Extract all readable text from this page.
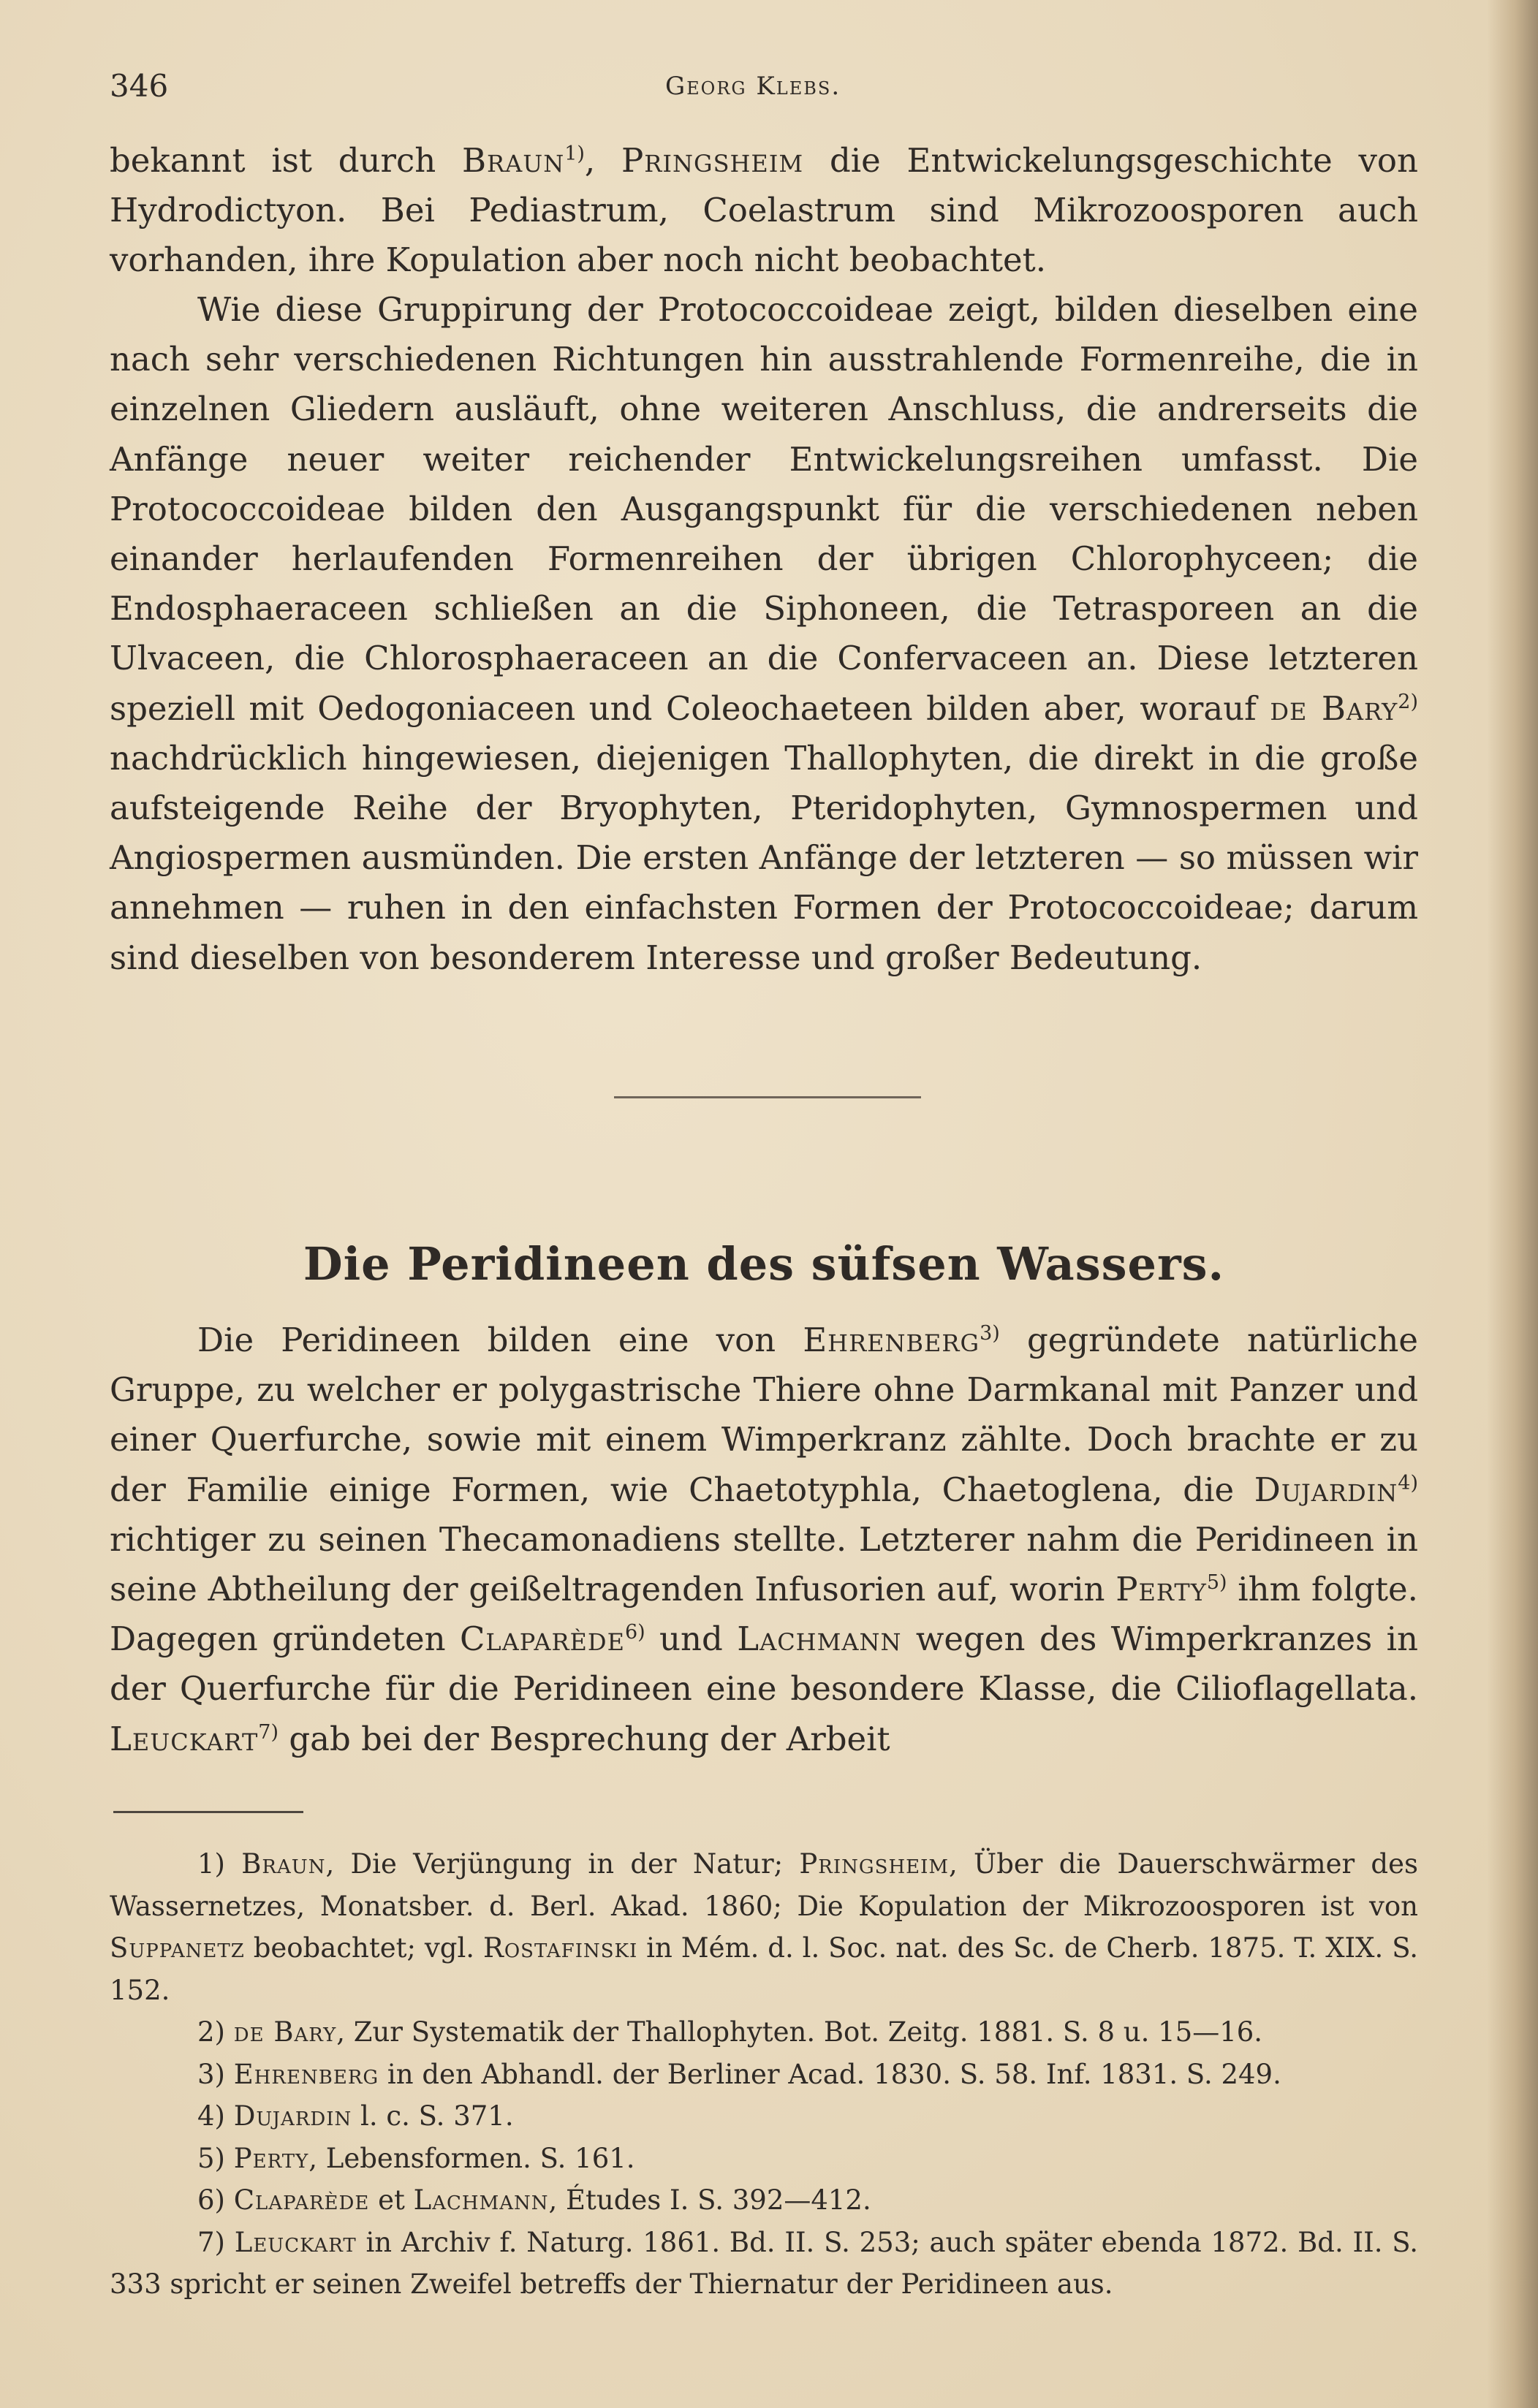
346	Georg Klebs.

bekannt ist durch Braun$^{1)}$, Pringsheim die Entwickelungsgeschichte von Hydrodictyon. Bei Pediastrum, Coelastrum sind Mikrozoosporen auch vorhanden, ihre Kopulation aber noch nicht beobachtet.

Wie diese Gruppirung der Protococcoideae zeigt, bilden dieselben eine nach sehr verschiedenen Richtungen hin ausstrahlende Formenreihe, die in einzelnen Gliedern ausläuft, ohne weiteren Anschluss, die andrerseits die Anfänge neuer weiter reichender Entwickelungsreihen umfasst. Die Protococcoideae bilden den Ausgangspunkt für die verschiedenen neben einander herlaufenden Formenreihen der übrigen Chlorophyceen; die Endosphaeraceen schließen an die Siphoneen, die Tetrasporeen an die Ulvaceen, die Chlorosphaeraceen an die Confervaceen an. Diese letzteren speziell mit Oedogoniaceen und Coleochaeteen bilden aber, worauf de Bary$^{2)}$ nachdrücklich hingewiesen, diejenigen Thallophyten, die direkt in die große aufsteigende Reihe der Bryophyten, Pteridophyten, Gymnospermen und Angiospermen ausmünden. Die ersten Anfänge der letzteren — so müssen wir annehmen — ruhen in den einfachsten Formen der Protococcoideae; darum sind dieselben von besonderem Interesse und großer Bedeutung.

Die Peridineen des süfsen Wassers.

Die Peridineen bilden eine von Ehrenberg$^{3)}$ gegründete natürliche Gruppe, zu welcher er polygastrische Thiere ohne Darmkanal mit Panzer und einer Querfurche, sowie mit einem Wimperkranz zählte. Doch brachte er zu der Familie einige Formen, wie Chaetotyphla, Chaetoglena, die Dujardin$^{4)}$ richtiger zu seinen Thecamonadiens stellte. Letzterer nahm die Peridineen in seine Abtheilung der geißeltragenden Infusorien auf, worin Perty$^{5)}$ ihm folgte. Dagegen gründeten Claparède$^{6)}$ und Lachmann wegen des Wimperkranzes in der Querfurche für die Peridineen eine besondere Klasse, die Cilioflagellata. Leuckart$^{7)}$ gab bei der Besprechung der Arbeit

1) Braun, Die Verjüngung in der Natur; Pringsheim, Über die Dauerschwärmer des Wassernetzes, Monatsber. d. Berl. Akad. 1860; Die Kopulation der Mikrozoosporen ist von Suppanetz beobachtet; vgl. Rostafinski in Mém. d. l. Soc. nat. des Sc. de Cherb. 1875. T. XIX. S. 152.
2) de Bary, Zur Systematik der Thallophyten. Bot. Zeitg. 1881. S. 8 u. 15—16.
3) Ehrenberg in den Abhandl. der Berliner Acad. 1830. S. 58. Inf. 1831. S. 249.
4) Dujardin l. c. S. 371.
5) Perty, Lebensformen. S. 161.
6) Claparède et Lachmann, Études I. S. 392—412.
7) Leuckart in Archiv f. Naturg. 1861. Bd. II. S. 253; auch später ebenda 1872. Bd. II. S. 333 spricht er seinen Zweifel betreffs der Thiernatur der Peridineen aus.
